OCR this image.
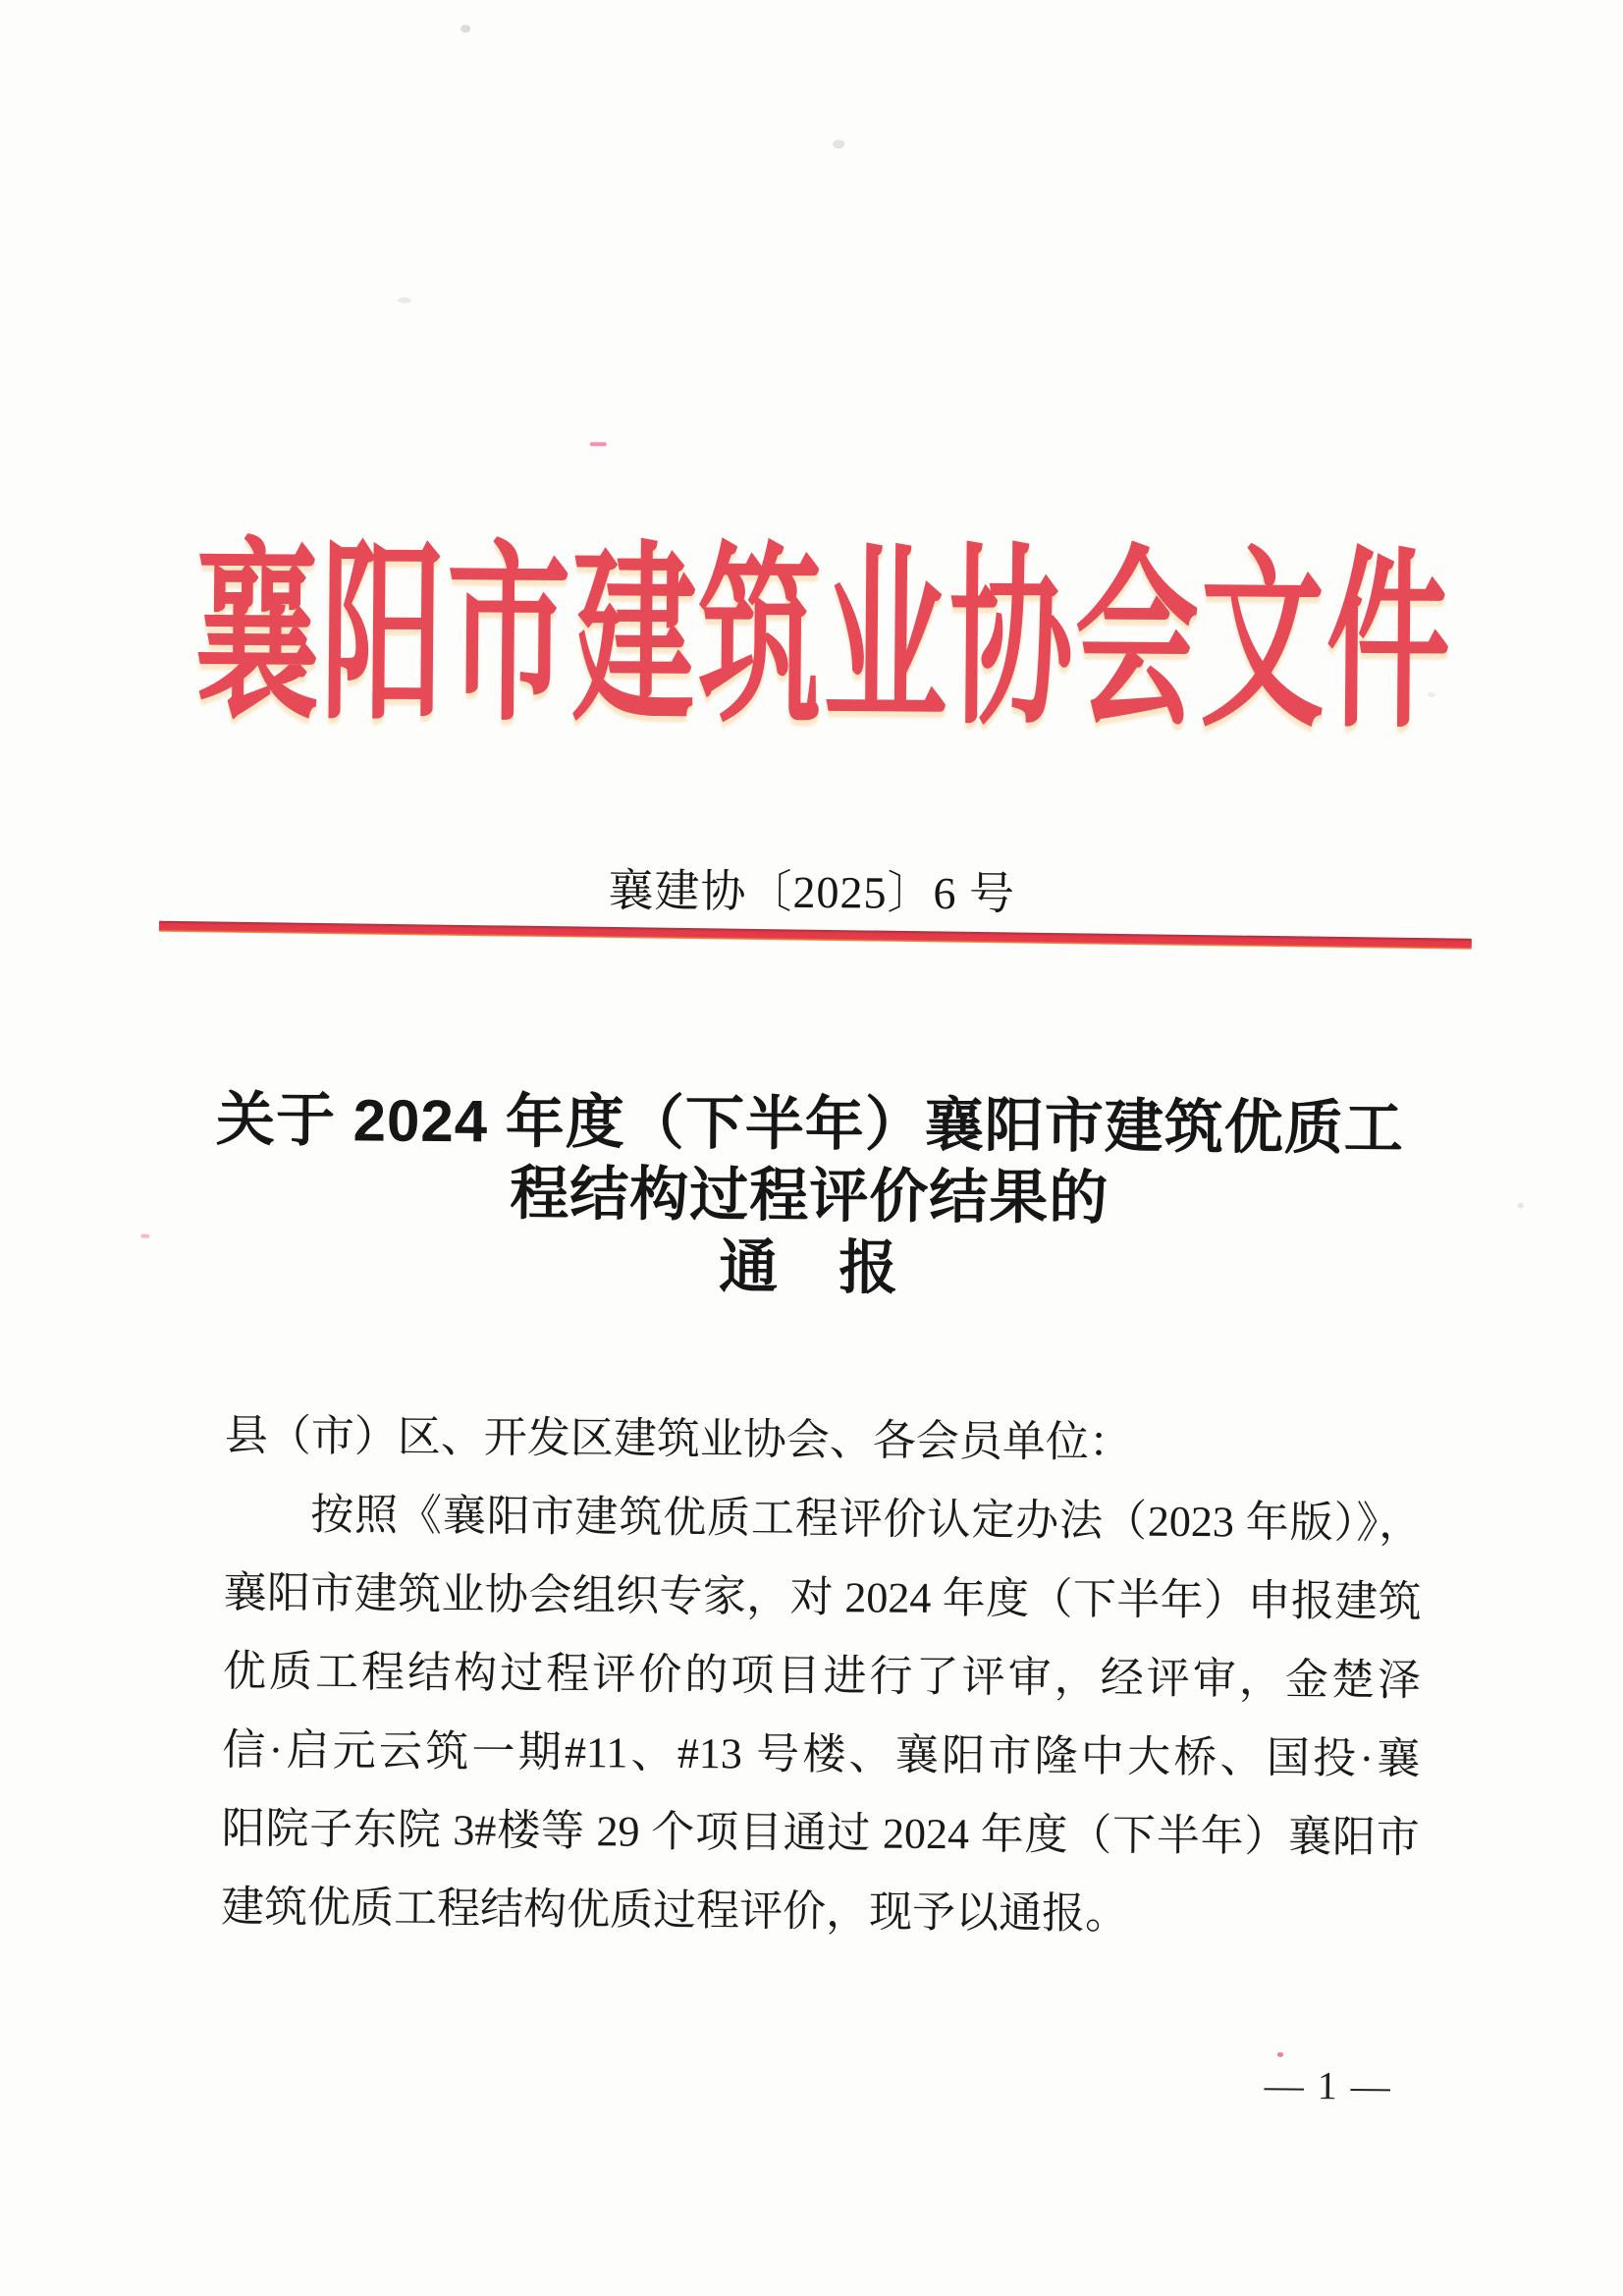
襄阳市建筑业协会文件
襄建协〔2025〕6 号
关于 2024 年度（下半年）襄阳市建筑优质工
程结构过程评价结果的
通　报
县（市）区、开发区建筑业协会、各会员单位：
按照《襄阳市建筑优质工程评价认定办法（2023 年版）》，
襄阳市建筑业协会组织专家，对 2024 年度（下半年）申报建筑
优质工程结构过程评价的项目进行了评审，经评审，金楚泽
信·启元云筑一期#11、#13 号楼、襄阳市隆中大桥、国投·襄
阳院子东院 3#楼等 29 个项目通过 2024 年度（下半年）襄阳市
建筑优质工程结构优质过程评价，现予以通报。
— 1 —
